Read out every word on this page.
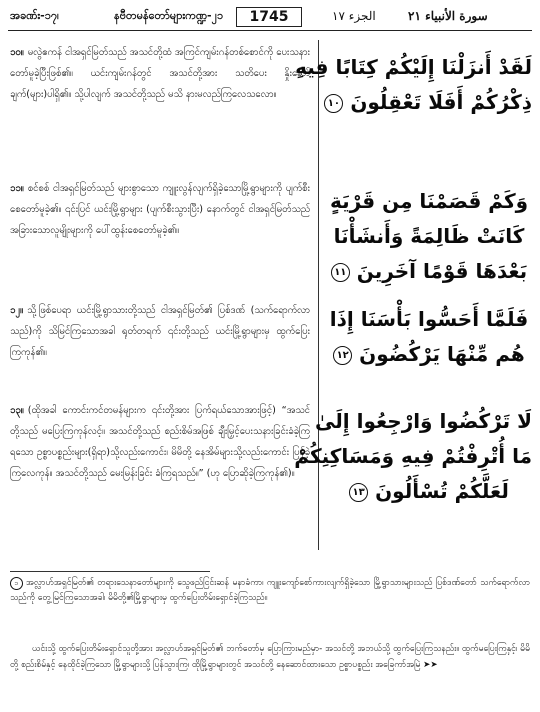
အခဏ်း-၁၇၊	နဗီတမန်တော်များကဏ္ဍ-၂၁	1745	الجزء ١٧	سورة الأنبياء ٢١
၁၀။ မလွဲဧကန် ငါအရှင်မြတ်သည် အသင်တို့ထံ အကြင်ကျမ်းဂန်တစ်စောင်ကို ပေးသနားတော်မူခဲ့ပြီးဖြစ်၏။ ယင်းကျမ်းဂန်တွင် အသင်တို့အား သတိပေး နှိုးဆော်ချက်(များ)ပါရှိ၏။ သို့ပါလျက် အသင်တို့သည် မသိ နားမလည်ကြလေသလော။
لَقَدْ أَنزَلْنَا إِلَيْكُمْ كِتَابًا فِيهِ
ذِكْرُكُمْ أَفَلَا تَعْقِلُونَ ١٠
၁၁။ စင်စစ် ငါအရှင်မြတ်သည် များစွာသော ကျူးလွန်လျက်ရှိခဲ့သောမြို့ရွာများကို ပျက်စီးစေတော်မူခဲ့၏။ ၎င်းပြင် ယင်းမြို့ရွာများ (ပျက်စီးသွားပြီး) နောက်တွင် ငါအရှင်မြတ်သည် အခြားသောလူမျိုးများကို ပေါ်ထွန်းစေတော်မူခဲ့၏။
وَكَمْ قَصَمْنَا مِن قَرْيَةٍ
كَانَتْ ظَالِمَةً وَأَنشَأْنَا
بَعْدَهَا قَوْمًا آخَرِينَ ١١
၁၂။ သို့ဖြစ်ပေရာ ယင်းမြို့ရွာသားတို့သည် ငါအရှင်မြတ်၏ ပြစ်ဒဏ် (သက်ရောက်လာသည်)ကို သိမြင်ကြသောအခါ ရုတ်တရက် ၎င်းတို့သည် ယင်းမြို့ရွာများမှ ထွက်ပြေးကြကုန်၏။
فَلَمَّا أَحَسُّوا بَأْسَنَا إِذَا
هُم مِّنْهَا يَرْكُضُونَ ١٢
၁၃။ (ထိုအခါ ကောင်းကင်တမန်များက ၎င်းတို့အား ပြက်ရယ်သောအားဖြင့်) “အသင်တို့သည် မပြေးကြကုန်လင့်။ အသင်တို့သည် စည်းစိမ်အဖြစ် ချီးမြှင့်ပေးသနားခြင်းခံခဲ့ကြရသော ဥစ္စာပစ္စည်းများ(ရှိရာ)သို့လည်းကောင်း၊ မိမိတို့ နေအိမ်များသို့လည်းကောင်း ပြန်ခဲ့ကြလေကုန်။ အသင်တို့သည် မေးမြန်းခြင်း ခံကြရသည်။” (ဟု ပြောဆိုခဲ့ကြကုန်၏)။
لَا تَرْكُضُوا وَارْجِعُوا إِلَىٰ
مَا أُتْرِفْتُمْ فِيهِ وَمَسَاكِنِكُمْ
لَعَلَّكُمْ تُسْأَلُونَ ١٣
၁ အလ္လာဟ်အရှင်မြတ်၏ တရားသေနာတော်များကို သွေဖည်ငြင်းဆန် မနာခံကာ၊ ကျူးကျော်စော်ကားလျက်ရှိခဲ့သော မြို့ရွာသားများသည် ပြစ်ဒဏ်တော် သက်ရောက်လာသည်ကို တွေ့မြင်ကြသောအခါ၊ မိမိတို့၏မြို့ရွာများမှ ထွက်ပြေးတိမ်းရှောင်ခဲ့ကြသည်။
ယင်းသို့ ထွက်ပြေးတိမ်းရှောင်သူတို့အား အလ္လာဟ်အရှင်မြတ်၏ ဘက်တော်မှ ပြောကြားမည်မှာ- အသင်တို့ အဘယ်သို့ ထွက်ပြေးကြသနည်း။ ထွက်မပြေးကြနှင့်၊ မိမိတို့ စည်းစိမ်နှင့် နေထိုင်ခဲ့ကြသော မြို့ရွာများသို့ ပြန်သွားကြ၊ ထိုမြို့ရွာများတွင် အသင်တို့ နေဆောင်ထားသော ဥစ္စာပစ္စည်း အခြေကာ်အမြဲ ➤➤
